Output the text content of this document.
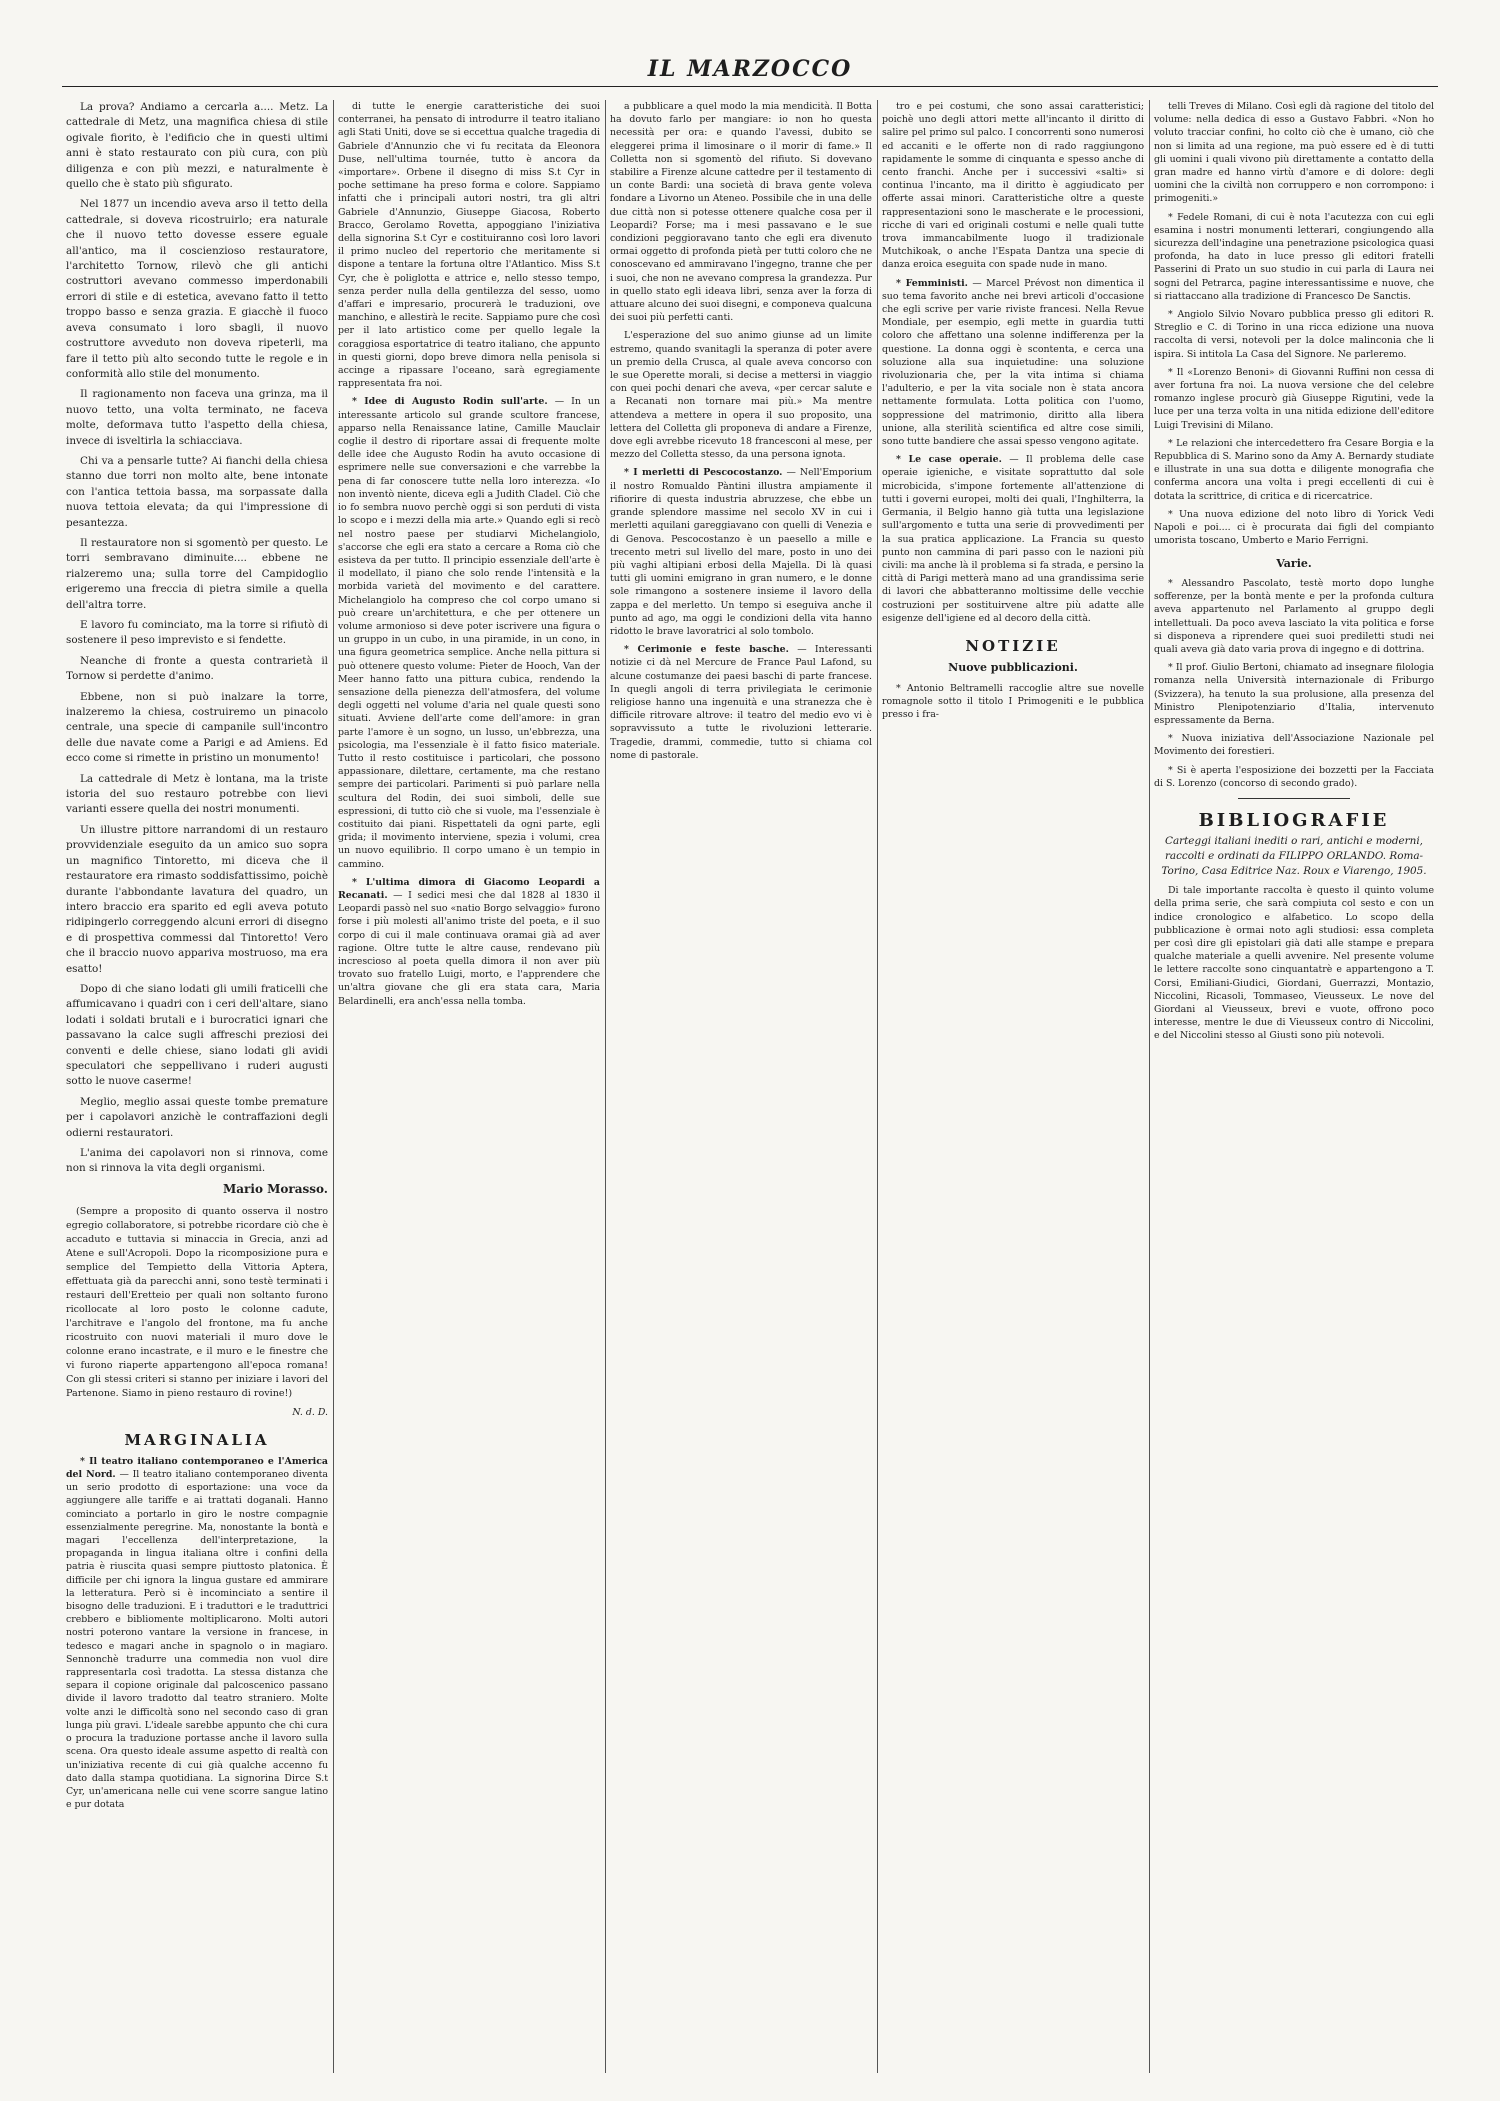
IL MARZOCCO

La prova? Andiamo a cercarla a.... Metz. La cattedrale di Metz, una magnifica chiesa di stile ogivale fiorito, è l'edificio che in questi ultimi anni è stato restaurato con più cura, con più diligenza e con più mezzi, e naturalmente è quello che è stato più sfigurato.

Nel 1877 un incendio aveva arso il tetto della cattedrale, si doveva ricostruirlo; era naturale che il nuovo tetto dovesse essere eguale all'antico, ma il coscienzioso restauratore, l'architetto Tornow, rilevò che gli antichi costruttori avevano commesso imperdonabili errori di stile e di estetica, avevano fatto il tetto troppo basso e senza grazia. E giacchè il fuoco aveva consumato i loro sbagli, il nuovo costruttore avveduto non doveva ripeterli, ma fare il tetto più alto secondo tutte le regole e in conformità allo stile del monumento.

Il ragionamento non faceva una grinza, ma il nuovo tetto, una volta terminato, ne faceva molte, deformava tutto l'aspetto della chiesa, invece di isveltirla la schiacciava.

Chi va a pensarle tutte? Ai fianchi della chiesa stanno due torri non molto alte, bene intonate con l'antica tettoia bassa, ma sorpassate dalla nuova tettoia elevata; da qui l'impressione di pesantezza.

Il restauratore non si sgomentò per questo. Le torri sembravano diminuite.... ebbene ne rialzeremo una; sulla torre del Campidoglio erigeremo una freccia di pietra simile a quella dell'altra torre.

E lavoro fu cominciato, ma la torre si rifiutò di sostenere il peso imprevisto e si fendette.

Neanche di fronte a questa contrarietà il Tornow si perdette d'animo.

Ebbene, non si può inalzare la torre, inalzeremo la chiesa, costruiremo un pinacolo centrale, una specie di campanile sull'incontro delle due navate come a Parigi e ad Amiens. Ed ecco come si rimette in pristino un monumento!

La cattedrale di Metz è lontana, ma la triste istoria del suo restauro potrebbe con lievi varianti essere quella dei nostri monumenti.

Un illustre pittore narrandomi di un restauro provvidenziale eseguito da un amico suo sopra un magnifico Tintoretto, mi diceva che il restauratore era rimasto soddisfattissimo, poichè durante l'abbondante lavatura del quadro, un intero braccio era sparito ed egli aveva potuto ridipingerlo correggendo alcuni errori di disegno e di prospettiva commessi dal Tintoretto! Vero che il braccio nuovo appariva mostruoso, ma era esatto!

Dopo di che siano lodati gli umili fraticelli che affumicavano i quadri con i ceri dell'altare, siano lodati i soldati brutali e i burocratici ignari che passavano la calce sugli affreschi preziosi dei conventi e delle chiese, siano lodati gli avidi speculatori che seppellivano i ruderi augusti sotto le nuove caserme!

Meglio, meglio assai queste tombe premature per i capolavori anzichè le contraffazioni degli odierni restauratori.

L'anima dei capolavori non si rinnova, come non si rinnova la vita degli organismi.

Mario Morasso.

(Sempre a proposito di quanto osserva il nostro egregio collaboratore, si potrebbe ricordare ciò che è accaduto e tuttavia si minaccia in Grecia, anzi ad Atene e sull'Acropoli. Dopo la ricomposizione pura e semplice del Tempietto della Vittoria Aptera, effettuata già da parecchi anni, sono testè terminati i restauri dell'Eretteio per quali non soltanto furono ricollocate al loro posto le colonne cadute, l'architrave e l'angolo del frontone, ma fu anche ricostruito con nuovi materiali il muro dove le colonne erano incastrate, e il muro e le finestre che vi furono riaperte appartengono all'epoca romana! Con gli stessi criteri si stanno per iniziare i lavori del Partenone. Siamo in pieno restauro di rovine!)

N. d. D.
MARGINALIA

* Il teatro italiano contemporaneo e l'America del Nord. — Il teatro italiano contemporaneo diventa un serio prodotto di esportazione: una voce da aggiungere alle tariffe e ai trattati doganali. Hanno cominciato a portarlo in giro le nostre compagnie essenzialmente peregrine. Ma, nonostante la bontà e magari l'eccellenza dell'interpretazione, la propaganda in lingua italiana oltre i confini della patria è riuscita quasi sempre piuttosto platonica. È difficile per chi ignora la lingua gustare ed ammirare la letteratura. Però si è incominciato a sentire il bisogno delle traduzioni. E i traduttori e le traduttrici crebbero e bibliomente moltiplicarono. Molti autori nostri poterono vantare la versione in francese, in tedesco e magari anche in spagnolo o in magiaro. Sennonchè tradurre una commedia non vuol dire rappresentarla così tradotta. La stessa distanza che separa il copione originale dal palcoscenico passano divide il lavoro tradotto dal teatro straniero. Molte volte anzi le difficoltà sono nel secondo caso di gran lunga più gravi. L'ideale sarebbe appunto che chi cura o procura la traduzione portasse anche il lavoro sulla scena. Ora questo ideale assume aspetto di realtà con un'iniziativa recente di cui già qualche accenno fu dato dalla stampa quotidiana. La signorina Dirce S.t Cyr, un'americana nelle cui vene scorre sangue latino e pur dotata

di tutte le energie caratteristiche dei suoi conterranei, ha pensato di introdurre il teatro italiano agli Stati Uniti, dove se si eccettua qualche tragedia di Gabriele d'Annunzio che vi fu recitata da Eleonora Duse, nell'ultima tournée, tutto è ancora da «importare». Orbene il disegno di miss S.t Cyr in poche settimane ha preso forma e colore. Sappiamo infatti che i principali autori nostri, tra gli altri Gabriele d'Annunzio, Giuseppe Giacosa, Roberto Bracco, Gerolamo Rovetta, appoggiano l'iniziativa della signorina S.t Cyr e costituiranno così loro lavori il primo nucleo del repertorio che meritamente si dispone a tentare la fortuna oltre l'Atlantico. Miss S.t Cyr, che è poliglotta e attrice e, nello stesso tempo, senza perder nulla della gentilezza del sesso, uomo d'affari e impresario, procurerà le traduzioni, ove manchino, e allestirà le recite. Sappiamo pure che così per il lato artistico come per quello legale la coraggiosa esportatrice di teatro italiano, che appunto in questi giorni, dopo breve dimora nella penisola si accinge a ripassare l'oceano, sarà egregiamente rappresentata fra noi.

* Idee di Augusto Rodin sull'arte. — In un interessante articolo sul grande scultore francese, apparso nella Renaissance latine, Camille Mauclair coglie il destro di riportare assai di frequente molte delle idee che Augusto Rodin ha avuto occasione di esprimere nelle sue conversazioni e che varrebbe la pena di far conoscere tutte nella loro interezza. «Io non inventò niente, diceva egli a Judith Cladel. Ciò che io fo sembra nuovo perchè oggi si son perduti di vista lo scopo e i mezzi della mia arte.» Quando egli si recò nel nostro paese per studiarvi Michelangiolo, s'accorse che egli era stato a cercare a Roma ciò che esisteva da per tutto. Il principio essenziale dell'arte è il modellato, il piano che solo rende l'intensità e la morbida varietà del movimento e del carattere. Michelangiolo ha compreso che col corpo umano si può creare un'architettura, e che per ottenere un volume armonioso si deve poter iscrivere una figura o un gruppo in un cubo, in una piramide, in un cono, in una figura geometrica semplice. Anche nella pittura si può ottenere questo volume: Pieter de Hooch, Van der Meer hanno fatto una pittura cubica, rendendo la sensazione della pienezza dell'atmosfera, del volume degli oggetti nel volume d'aria nel quale questi sono situati. Avviene dell'arte come dell'amore: in gran parte l'amore è un sogno, un lusso, un'ebbrezza, una psicologia, ma l'essenziale è il fatto fisico materiale. Tutto il resto costituisce i particolari, che possono appassionare, dilettare, certamente, ma che restano sempre dei particolari. Parimenti si può parlare nella scultura del Rodin, dei suoi simboli, delle sue espressioni, di tutto ciò che si vuole, ma l'essenziale è costituito dai piani. Rispettateli da ogni parte, egli grida; il movimento interviene, spezia i volumi, crea un nuovo equilibrio. Il corpo umano è un tempio in cammino.

* L'ultima dimora di Giacomo Leopardi a Recanati. — I sedici mesi che dal 1828 al 1830 il Leopardi passò nel suo «natio Borgo selvaggio» furono forse i più molesti all'animo triste del poeta, e il suo corpo di cui il male continuava oramai già ad aver ragione. Oltre tutte le altre cause, rendevano più increscioso al poeta quella dimora il non aver più trovato suo fratello Luigi, morto, e l'apprendere che un'altra giovane che gli era stata cara, Maria Belardinelli, era anch'essa nella tomba.

a pubblicare a quel modo la mia mendicità. Il Botta ha dovuto farlo per mangiare: io non ho questa necessità per ora: e quando l'avessi, dubito se eleggerei prima il limosinare o il morir di fame.» Il Colletta non si sgomentò del rifiuto. Si dovevano stabilire a Firenze alcune cattedre per il testamento di un conte Bardi: una società di brava gente voleva fondare a Livorno un Ateneo. Possibile che in una delle due città non si potesse ottenere qualche cosa per il Leopardi? Forse; ma i mesi passavano e le sue condizioni peggioravano tanto che egli era divenuto ormai oggetto di profonda pietà per tutti coloro che ne conoscevano ed ammiravano l'ingegno, tranne che per i suoi, che non ne avevano compresa la grandezza. Pur in quello stato egli ideava libri, senza aver la forza di attuare alcuno dei suoi disegni, e componeva qualcuna dei suoi più perfetti canti.

L'esperazione del suo animo giunse ad un limite estremo, quando svanitagli la speranza di poter avere un premio della Crusca, al quale aveva concorso con le sue Operette morali, si decise a mettersi in viaggio con quei pochi denari che aveva, «per cercar salute e a Recanati non tornare mai più.» Ma mentre attendeva a mettere in opera il suo proposito, una lettera del Colletta gli proponeva di andare a Firenze, dove egli avrebbe ricevuto 18 francesconi al mese, per mezzo del Colletta stesso, da una persona ignota.

* I merletti di Pescocostanzo. — Nell'Emporium il nostro Romualdo Pàntini illustra ampiamente il rifiorire di questa industria abruzzese, che ebbe un grande splendore massime nel secolo XV in cui i merletti aquilani gareggiavano con quelli di Venezia e di Genova. Pescocostanzo è un paesello a mille e trecento metri sul livello del mare, posto in uno dei più vaghi altipiani erbosi della Majella. Di là quasi tutti gli uomini emigrano in gran numero, e le donne sole rimangono a sostenere insieme il lavoro della zappa e del merletto. Un tempo si eseguiva anche il punto ad ago, ma oggi le condizioni della vita hanno ridotto le brave lavoratrici al solo tombolo.

* Cerimonie e feste basche. — Interessanti notizie ci dà nel Mercure de France Paul Lafond, su alcune costumanze dei paesi baschi di parte francese. In quegli angoli di terra privilegiata le cerimonie religiose hanno una ingenuità e una stranezza che è difficile ritrovare altrove: il teatro del medio evo vi è sopravvissuto a tutte le rivoluzioni letterarie. Tragedie, drammi, commedie, tutto si chiama col nome di pastorale.

tro e pei costumi, che sono assai caratteristici; poichè uno degli attori mette all'incanto il diritto di salire pel primo sul palco. I concorrenti sono numerosi ed accaniti e le offerte non di rado raggiungono rapidamente le somme di cinquanta e spesso anche di cento franchi. Anche per i successivi «salti» si continua l'incanto, ma il diritto è aggiudicato per offerte assai minori. Caratteristiche oltre a queste rappresentazioni sono le mascherate e le processioni, ricche di vari ed originali costumi e nelle quali tutte trova immancabilmente luogo il tradizionale Mutchikoak, o anche l'Espata Dantza una specie di danza eroica eseguita con spade nude in mano.

* Femministi. — Marcel Prévost non dimentica il suo tema favorito anche nei brevi articoli d'occasione che egli scrive per varie riviste francesi. Nella Revue Mondiale, per esempio, egli mette in guardia tutti coloro che affettano una solenne indifferenza per la questione. La donna oggi è scontenta, e cerca una soluzione alla sua inquietudine: una soluzione rivoluzionaria che, per la vita intima si chiama l'adulterio, e per la vita sociale non è stata ancora nettamente formulata. Lotta politica con l'uomo, soppressione del matrimonio, diritto alla libera unione, alla sterilità scientifica ed altre cose simili, sono tutte bandiere che assai spesso vengono agitate.

* Le case operaie. — Il problema delle case operaie igieniche, e visitate soprattutto dal sole microbicida, s'impone fortemente all'attenzione di tutti i governi europei, molti dei quali, l'Inghilterra, la Germania, il Belgio hanno già tutta una legislazione sull'argomento e tutta una serie di provvedimenti per la sua pratica applicazione. La Francia su questo punto non cammina di pari passo con le nazioni più civili: ma anche là il problema si fa strada, e persino la città di Parigi metterà mano ad una grandissima serie di lavori che abbatteranno moltissime delle vecchie costruzioni per sostituirvene altre più adatte alle esigenze dell'igiene ed al decoro della città.

NOTIZIE
Nuove pubblicazioni.

* Antonio Beltramelli raccoglie altre sue novelle romagnole sotto il titolo I Primogeniti e le pubblica presso i fra-

telli Treves di Milano. Così egli dà ragione del titolo del volume: nella dedica di esso a Gustavo Fabbri. «Non ho voluto tracciar confini, ho colto ciò che è umano, ciò che non si limita ad una regione, ma può essere ed è di tutti gli uomini i quali vivono più direttamente a contatto della gran madre ed hanno virtù d'amore e di dolore: degli uomini che la civiltà non corruppero e non corrompono: i primogeniti.»

* Fedele Romani, di cui è nota l'acutezza con cui egli esamina i nostri monumenti letterari, congiungendo alla sicurezza dell'indagine una penetrazione psicologica quasi profonda, ha dato in luce presso gli editori fratelli Passerini di Prato un suo studio in cui parla di Laura nei sogni del Petrarca, pagine interessantissime e nuove, che si riattaccano alla tradizione di Francesco De Sanctis.

* Angiolo Silvio Novaro pubblica presso gli editori R. Streglio e C. di Torino in una ricca edizione una nuova raccolta di versi, notevoli per la dolce malinconia che li ispira. Si intitola La Casa del Signore. Ne parleremo.

* Il «Lorenzo Benoni» di Giovanni Ruffini non cessa di aver fortuna fra noi. La nuova versione che del celebre romanzo inglese procurò già Giuseppe Rigutini, vede la luce per una terza volta in una nitida edizione dell'editore Luigi Trevisini di Milano.

* Le relazioni che intercedettero fra Cesare Borgia e la Repubblica di S. Marino sono da Amy A. Bernardy studiate e illustrate in una sua dotta e diligente monografia che conferma ancora una volta i pregi eccellenti di cui è dotata la scrittrice, di critica e di ricercatrice.

* Una nuova edizione del noto libro di Yorick Vedi Napoli e poi.... ci è procurata dai figli del compianto umorista toscano, Umberto e Mario Ferrigni.

Varie.

* Alessandro Pascolato, testè morto dopo lunghe sofferenze, per la bontà mente e per la profonda cultura aveva appartenuto nel Parlamento al gruppo degli intellettuali. Da poco aveva lasciato la vita politica e forse si disponeva a riprendere quei suoi prediletti studi nei quali aveva già dato varia prova di ingegno e di dottrina.

* Il prof. Giulio Bertoni, chiamato ad insegnare filologia romanza nella Università internazionale di Friburgo (Svizzera), ha tenuto la sua prolusione, alla presenza del Ministro Plenipotenziario d'Italia, intervenuto espressamente da Berna.

* Nuova iniziativa dell'Associazione Nazionale pel Movimento dei forestieri.

* Si è aperta l'esposizione dei bozzetti per la Facciata di S. Lorenzo (concorso di secondo grado).

BIBLIOGRAFIE
Carteggi italiani inediti o rari, antichi e moderni, raccolti e ordinati da FILIPPO ORLANDO. Roma-Torino, Casa Editrice Naz. Roux e Viarengo, 1905.

Di tale importante raccolta è questo il quinto volume della prima serie, che sarà compiuta col sesto e con un indice cronologico e alfabetico. Lo scopo della pubblicazione è ormai noto agli studiosi: essa completa per così dire gli epistolari già dati alle stampe e prepara qualche materiale a quelli avvenire. Nel presente volume le lettere raccolte sono cinquantatrè e appartengono a T. Corsi, Emiliani-Giudici, Giordani, Guerrazzi, Montazio, Niccolini, Ricasoli, Tommaseo, Vieusseux. Le nove del Giordani al Vieusseux, brevi e vuote, offrono poco interesse, mentre le due di Vieusseux contro di Niccolini, e del Niccolini stesso al Giusti sono più notevoli.
